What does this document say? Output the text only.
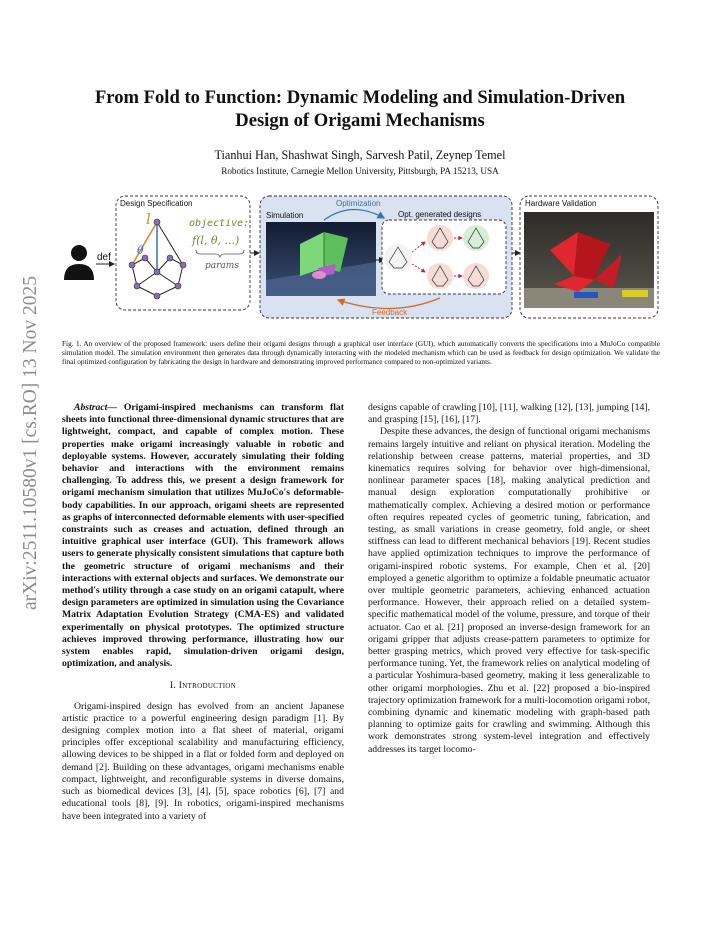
arXiv:2511.10580v1 [cs.RO] 13 Nov 2025
From Fold to Function: Dynamic Modeling and Simulation-Driven Design of Origami Mechanisms
Tianhui Han, Shashwat Singh, Sarvesh Patil, Zeynep Temel
Robotics Institute, Carnegie Mellon University, Pittsburgh, PA 15213, USA
def
Design Specification
l
θ
objective:
f(l, θ, ...)
params
Optimization
Simulation	Opt. generated designs
Feedback
Hardware Validation
Fig. 1. An overview of the proposed framework: users define their origami designs through a graphical user interface (GUI), which automatically converts the specifications into a MuJoCo compatible simulation model. The simulation environment then generates data through dynamically interacting with the modeled mechanism which can be used as feedback for design optimization. We validate the final optimized configuration by fabricating the design in hardware and demonstrating improved performance compared to non-optimized variants.

Abstract— Origami-inspired mechanisms can transform flat sheets into functional three-dimensional dynamic structures that are lightweight, compact, and capable of complex motion. These properties make origami increasingly valuable in robotic and deployable systems. However, accurately simulating their folding behavior and interactions with the environment remains challenging. To address this, we present a design framework for origami mechanism simulation that utilizes MuJoCo's deformable-body capabilities. In our approach, origami sheets are represented as graphs of interconnected deformable elements with user-specified constraints such as creases and actuation, defined through an intuitive graphical user interface (GUI). This framework allows users to generate physically consistent simulations that capture both the geometric structure of origami mechanisms and their interactions with external objects and surfaces. We demonstrate our method's utility through a case study on an origami catapult, where design parameters are optimized in simulation using the Covariance Matrix Adaptation Evolution Strategy (CMA-ES) and validated experimentally on physical prototypes. The optimized structure achieves improved throwing performance, illustrating how our system enables rapid, simulation-driven origami design, optimization, and analysis.

I. Introduction

Origami-inspired design has evolved from an ancient Japanese artistic practice to a powerful engineering design paradigm [1]. By designing complex motion into a flat sheet of material, origami principles offer exceptional scalability and manufacturing efficiency, allowing devices to be shipped in a flat or folded form and deployed on demand [2]. Building on these advantages, origami mechanisms enable compact, lightweight, and reconfigurable systems in diverse domains, such as biomedical devices [3], [4], [5], space robotics [6], [7] and educational tools [8], [9]. In robotics, origami-inspired mechanisms have been integrated into a variety of

designs capable of crawling [10], [11], walking [12], [13], jumping [14], and grasping [15], [16], [17].

Despite these advances, the design of functional origami mechanisms remains largely intuitive and reliant on physical iteration. Modeling the relationship between crease patterns, material properties, and 3D kinematics requires solving for behavior over high-dimensional, nonlinear parameter spaces [18], making analytical prediction and manual design exploration computationally prohibitive or mathematically complex. Achieving a desired motion or performance often requires repeated cycles of geometric tuning, fabrication, and testing, as small variations in crease geometry, fold angle, or sheet stiffness can lead to different mechanical behaviors [19]. Recent studies have applied optimization techniques to improve the performance of origami-inspired robotic systems. For example, Chen et al. [20] employed a genetic algorithm to optimize a foldable pneumatic actuator over multiple geometric parameters, achieving enhanced actuation performance. However, their approach relied on a detailed system-specific mathematical model of the volume, pressure, and torque of their actuator. Cao et al. [21] proposed an inverse-design framework for an origami gripper that adjusts crease-pattern parameters to optimize for better grasping metrics, which proved very effective for task-specific performance tuning. Yet, the framework relies on analytical modeling of a particular Yoshimura-based geometry, making it less generalizable to other origami morphologies. Zhu et al. [22] proposed a bio-inspired trajectory optimization framework for a multi-locomotion origami robot, combining dynamic and kinematic modeling with graph-based path planning to optimize gaits for crawling and swimming. Although this work demonstrates strong system-level integration and effectively addresses its target locomo-
